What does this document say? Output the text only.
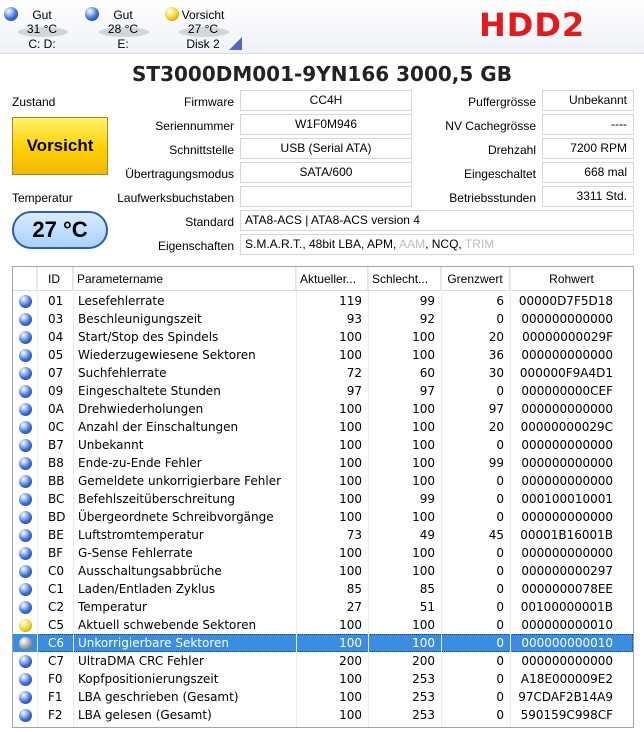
Gut
31 °C
C: D:
Gut
28 °C
E:
Vorsicht
27 °C
Disk 2	HDD2
ST3000DM001-9YN166 3000,5 GB
Zustand
Vorsicht
Temperatur
27 °C
Firmware	CC4H
Seriennummer	W1F0M946
Schnittstelle	USB (Serial ATA)
Übertragungsmodus	SATA/600
Laufwerksbuchstaben
Puffergrösse	Unbekannt
NV Cachegrösse	----
Drehzahl	7200 RPM
Eingeschaltet	668 mal
Betriebsstunden	3311 Std.
Standard ATA8-ACS | ATA8-ACS version 4
Eigenschaften S.M.A.R.T., 48bit LBA, APM, AAM, NCQ, TRIM
ID	Parametername	Aktueller...	Schlecht...	Grenzwert	Rohwert
01	Lesefehlerrate	119	99	6	00000D7F5D18
03	Beschleunigungszeit	93	92	0	000000000000
04	Start/Stop des Spindels	100	100	20	00000000029F
05	Wiederzugewiesene Sektoren	100	100	36	000000000000
07	Suchfehlerrate	72	60	30	000000F9A4D1
09	Eingeschaltete Stunden	97	97	0	000000000CEF
0A	Drehwiederholungen	100	100	97	000000000000
0C	Anzahl der Einschaltungen	100	100	20	00000000029C
B7	Unbekannt	100	100	0	000000000000
B8	Ende-zu-Ende Fehler	100	100	99	000000000000
BB	Gemeldete unkorrigierbare Fehler	100	100	0	000000000000
BC	Befehlszeitüberschreitung	100	99	0	000100010001
BD	Übergeordnete Schreibvorgänge	100	100	0	000000000000
BE	Luftstromtemperatur	73	49	45	00001B16001B
BF	G-Sense Fehlerrate	100	100	0	000000000000
C0	Ausschaltungsabbrüche	100	100	0	000000000297
C1	Laden/Entladen Zyklus	85	85	0	0000000078EE
C2	Temperatur	27	51	0	00100000001B
C5	Aktuell schwebende Sektoren	100	100	0	000000000010
C6	Unkorrigierbare Sektoren	100	100	0	000000000010
C7	UltraDMA CRC Fehler	200	200	0	000000000000
F0	Kopfpositionierungszeit	100	253	0	A18E000009E2
F1	LBA geschrieben (Gesamt)	100	253	0	97CDAF2B14A9
F2	LBA gelesen (Gesamt)	100	253	0	590159C998CF
